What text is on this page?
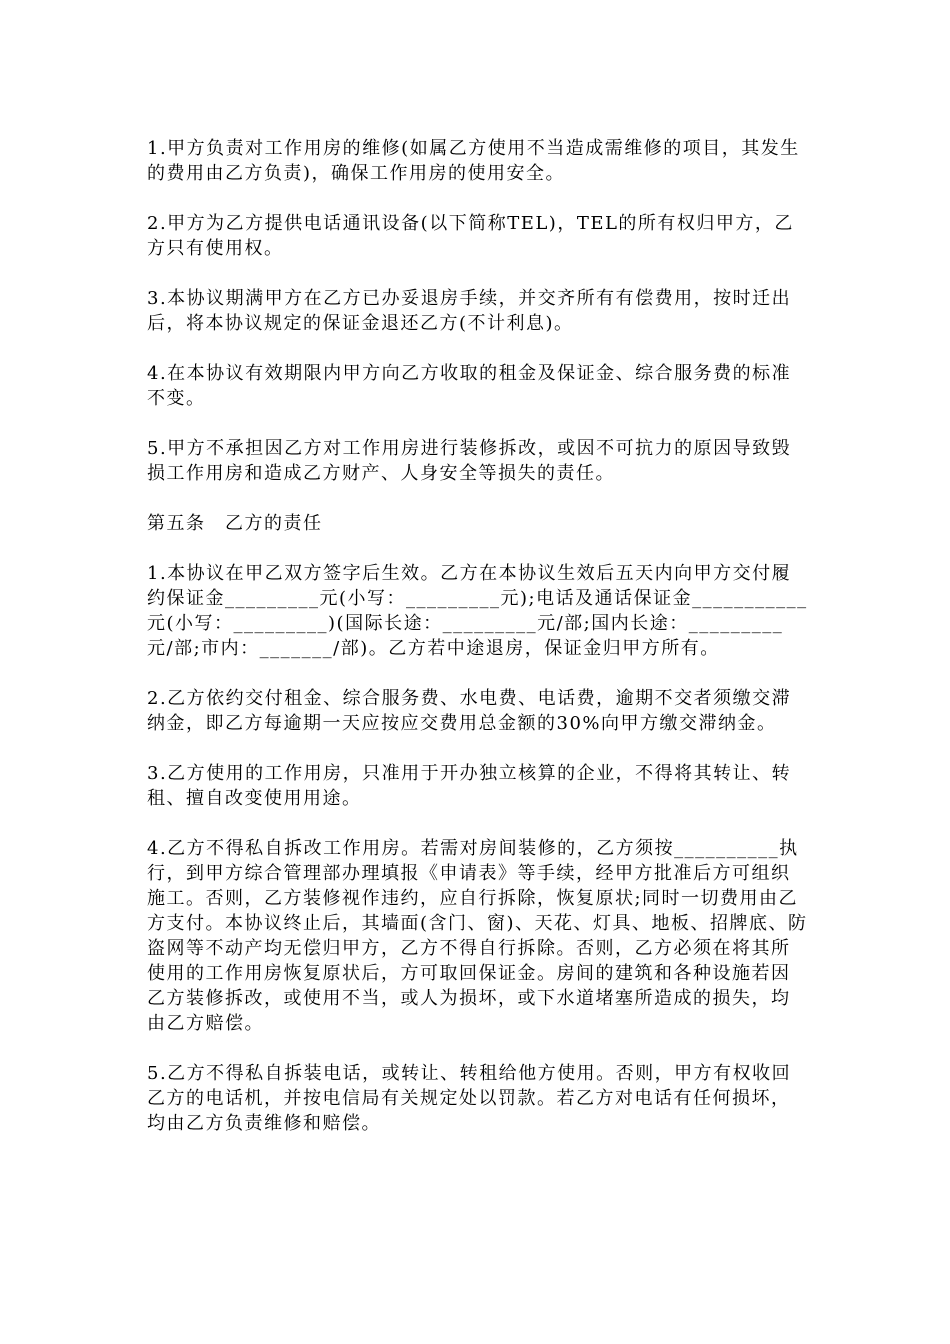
1.甲方负责对工作用房的维修(如属乙方使用不当造成需维修的项目，其发生的费用由乙方负责)，确保工作用房的使用安全。

2.甲方为乙方提供电话通讯设备(以下简称TEL)，TEL的所有权归甲方，乙方只有使用权。

3.本协议期满甲方在乙方已办妥退房手续，并交齐所有有偿费用，按时迁出后，将本协议规定的保证金退还乙方(不计利息)。

4.在本协议有效期限内甲方向乙方收取的租金及保证金、综合服务费的标准不变。

5.甲方不承担因乙方对工作用房进行装修拆改，或因不可抗力的原因导致毁损工作用房和造成乙方财产、人身安全等损失的责任。

第五条　乙方的责任

1.本协议在甲乙双方签字后生效。乙方在本协议生效后五天内向甲方交付履约保证金_________元(小写：_________元);电话及通话保证金___________元(小写：_________)(国际长途：_________元/部;国内长途：_________元/部;市内：_______/部)。乙方若中途退房，保证金归甲方所有。

2.乙方依约交付租金、综合服务费、水电费、电话费，逾期不交者须缴交滞纳金，即乙方每逾期一天应按应交费用总金额的30%向甲方缴交滞纳金。

3.乙方使用的工作用房，只准用于开办独立核算的企业，不得将其转让、转租、擅自改变使用用途。

4.乙方不得私自拆改工作用房。若需对房间装修的，乙方须按__________执行，到甲方综合管理部办理填报《申请表》等手续，经甲方批准后方可组织施工。否则，乙方装修视作违约，应自行拆除，恢复原状;同时一切费用由乙方支付。本协议终止后，其墙面(含门、窗)、天花、灯具、地板、招牌底、防盗网等不动产均无偿归甲方，乙方不得自行拆除。否则，乙方必须在将其所使用的工作用房恢复原状后，方可取回保证金。房间的建筑和各种设施若因乙方装修拆改，或使用不当，或人为损坏，或下水道堵塞所造成的损失，均由乙方赔偿。

5.乙方不得私自拆装电话，或转让、转租给他方使用。否则，甲方有权收回乙方的电话机，并按电信局有关规定处以罚款。若乙方对电话有任何损坏，均由乙方负责维修和赔偿。
